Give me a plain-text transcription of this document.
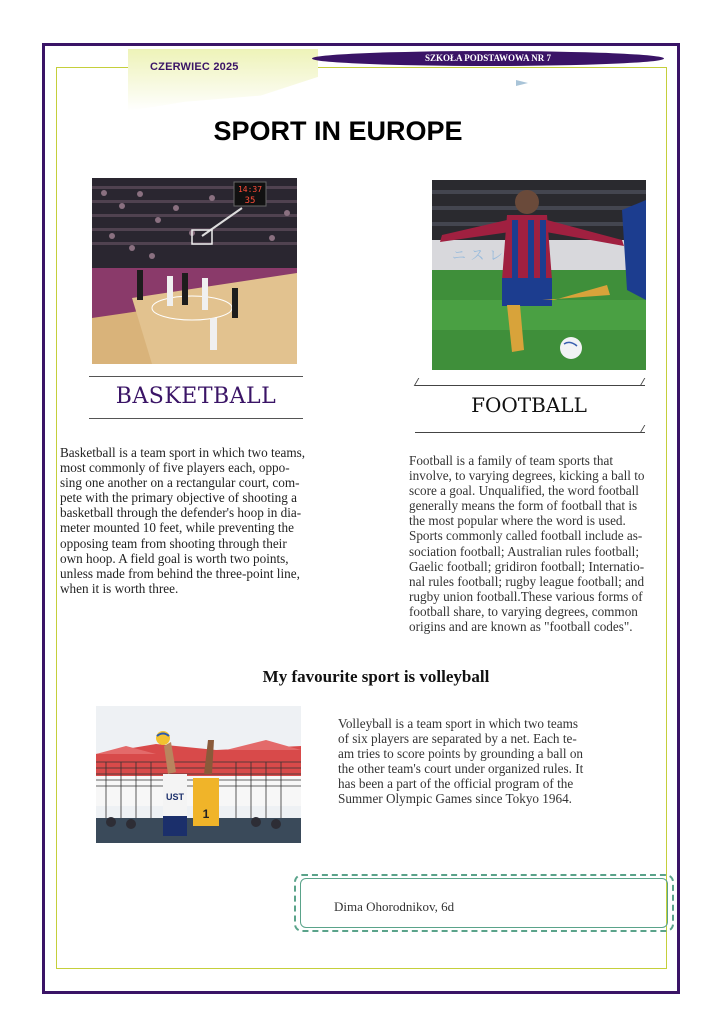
CZERWIEC 2025
SZKOŁA PODSTAWOWA NR 7
SPORT IN EUROPE
14:37
35
ニ ス レ
BASKETBALL	FOOTBALL
Basketball is a team sport in which two teams,
most commonly of five players each, oppo-
sing one another on a rectangular court, com-
pete with the primary objective of shooting a
basketball through the defender's hoop in dia-
meter mounted 10 feet, while preventing the
opposing team from shooting through their
own hoop. A field goal is worth two points,
unless made from behind the three-point line,
when it is worth three.
Football is a family of team sports that
involve, to varying degrees, kicking a ball to
score a goal. Unqualified, the word football
generally means the form of football that is
the most popular where the word is used.
Sports commonly called football include as-
sociation football; Australian rules football;
Gaelic football; gridiron football; Internatio-
nal rules football; rugby league football; and
rugby union football.These various forms of
football share, to varying degrees, common
origins and are known as "football codes".
My favourite sport is volleyball
UST
1
Volleyball is a team sport in which two teams
of six players are separated by a net. Each te-
am tries to score points by grounding a ball on
the other team's court under organized rules. It
has been a part of the official program of the
Summer Olympic Games since Tokyo 1964.
Dima Ohorodnikov, 6d
